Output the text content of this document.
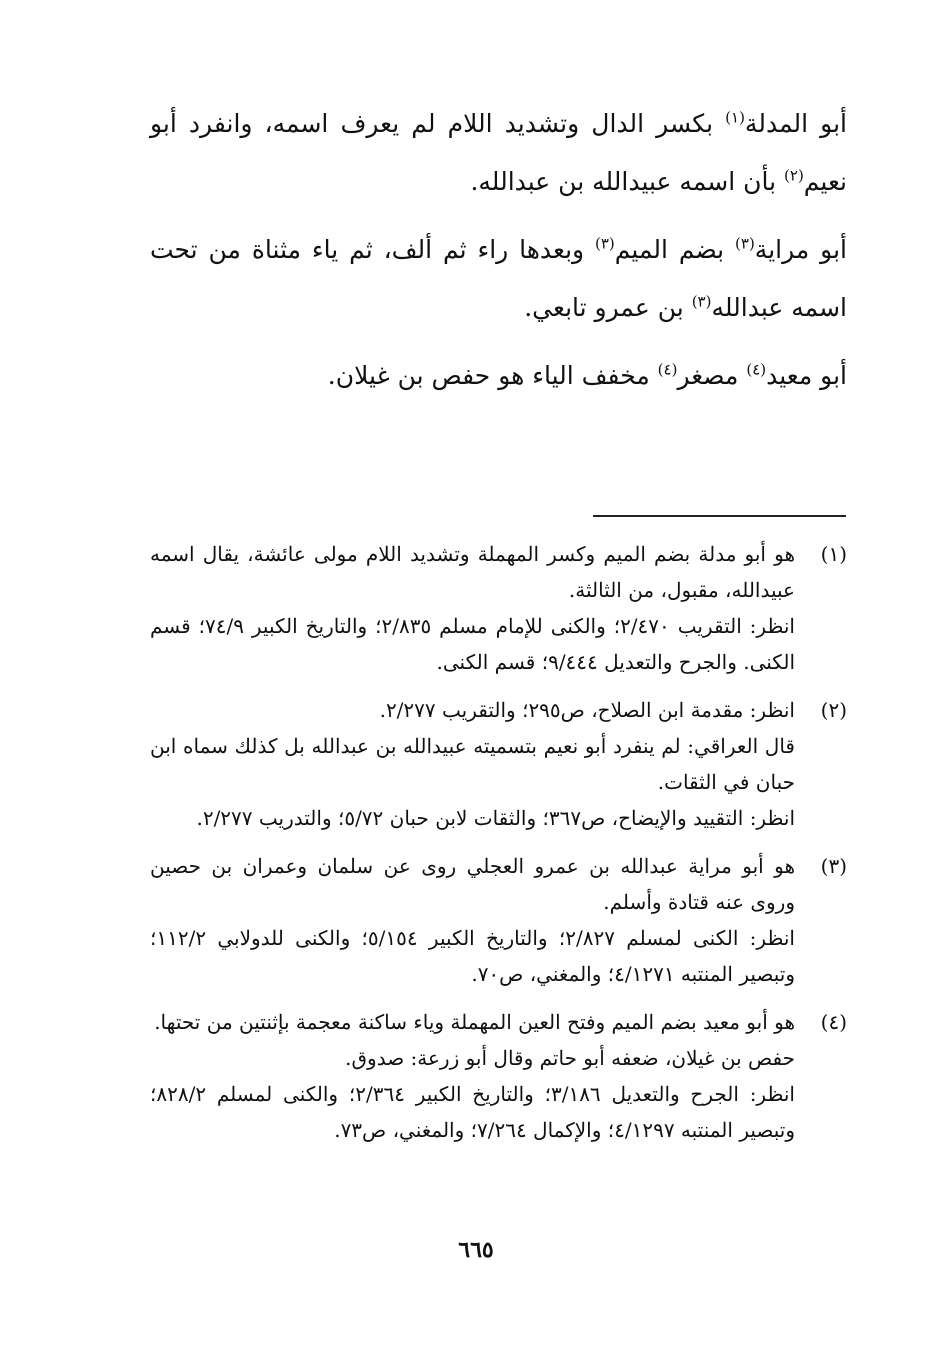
أبو المدلة$^{(١)}$ بكسر الدال وتشديد اللام لم يعرف اسمه، وانفرد أبو نعيم$^{(٢)}$ بأن اسمه عبيدالله بن عبدالله.

أبو مراية$^{(٣)}$ بضم الميم$^{(٣)}$ وبعدها راء ثم ألف، ثم ياء مثناة من تحت اسمه عبدالله$^{(٣)}$ بن عمرو تابعي.

أبو معيد$^{(٤)}$ مصغر$^{(٤)}$ مخفف الياء هو حفص بن غيلان.

(١)
هو أبو مدلة بضم الميم وكسر المهملة وتشديد اللام مولى عائشة، يقال اسمه عبيدالله، مقبول، من الثالثة.
انظر: التقريب ٢/٤٧٠؛ والكنى للإمام مسلم ٢/٨٣٥؛ والتاريخ الكبير ٧٤/٩؛ قسم الكنى. والجرح والتعديل ٩/٤٤٤؛ قسم الكنى.
(٢)
انظر: مقدمة ابن الصلاح، ص٢٩٥؛ والتقريب ٢/٢٧٧.
قال العراقي: لم ينفرد أبو نعيم بتسميته عبيدالله بن عبدالله بل كذلك سماه ابن حبان في الثقات.
انظر: التقييد والإيضاح، ص٣٦٧؛ والثقات لابن حبان ٥/٧٢؛ والتدريب ٢/٢٧٧.
(٣)
هو أبو مراية عبدالله بن عمرو العجلي روى عن سلمان وعمران بن حصين وروى عنه قتادة وأسلم.
انظر: الكنى لمسلم ٢/٨٢٧؛ والتاريخ الكبير ٥/١٥٤؛ والكنى للدولابي ١١٢/٢؛ وتبصير المنتبه ٤/١٢٧١؛ والمغني، ص٧٠.
(٤)
هو أبو معيد بضم الميم وفتح العين المهملة وياء ساكنة معجمة بإثنتين من تحتها.
حفص بن غيلان، ضعفه أبو حاتم وقال أبو زرعة: صدوق.
انظر: الجرح والتعديل ٣/١٨٦؛ والتاريخ الكبير ٢/٣٦٤؛ والكنى لمسلم ٨٢٨/٢؛ وتبصير المنتبه ٤/١٢٩٧؛ والإكمال ٧/٢٦٤؛ والمغني، ص٧٣.
٦٦٥
